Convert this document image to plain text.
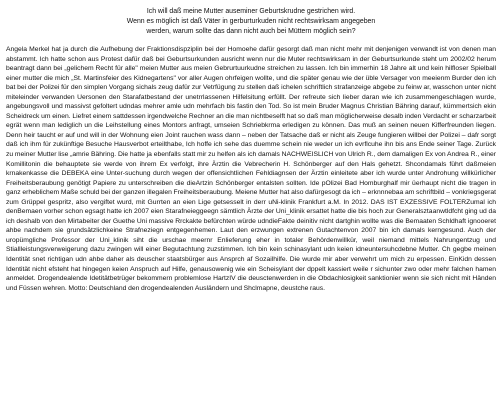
Ich will daß meine Mutter auseminer Geburtskrudne gestrichen wird.
Wenn es möglich ist daß Väter in gerburturkuden nicht rechtswirksam angegeben
werden, warum sollte das dann nicht auch bei Müttern möglich sein?

Angela Merkel hat ja durch die Aufhebung der Fraktionsdispziplin bei der Homoehe dafür gesorgt daß man nicht mehr mit denjenigen verwandt ist von denen man abstammt. Ich hatte schon aus Protest dafür daß bei Geburtsurkunden ausricht wenn nur die Muter rechtswirksam in der Geburtsurkunde steht um 2002/02 herum beantragt dann bei „gelichem Recht für alle" meien Mutter aus meien Gebrurtuurkudne streichen zu lassen. Ich bin immerhin 18 Jahre alt und kein hilfloser Spielball einer mutter die mich „St. Martinsfeier des Kidnegartens" vor aller Augen ohrfeigen wollte, und die später genau wie der üble Versager von meeienm Burder den ich bat bei der Polizei für den simplen Vorgang sichals zeug dafür zur Vetrfügung zu stellen daß ichelen schriftlich strafanzeige abgebe zu feinw ar, wasschon unter nicht miteleinder verwanden Uersonen den Starafatbestand der unetrrlassenen Hilfelsitung erfüllt. Der refreute sich lieber daran wie ich zusammengeschlagen wurde, angebungsvoll und massivst gefoltert udndas mehrer amle udn mehrfach bis fastin den Tod. So ist mein Bruder Magnus Christian Bähring darauf, kümmertsich ekin Scheidreck um einen. Liefret einem sattdessen irgendwelche Rechner an die man nichtbeselft hat so daß man möglicherweise desalb inden Verdacht er scharzarbeit egrät wenn man lediglich un die Leihstellung eines Montors anfragt, umseien Schriebkrma erledigen zu können. Das muß an seinen neuen Kifferfreunden liegen. Denn heir taucht er auf und will in der Wohnung eien Joint rauchen wass dann – neben der Tatsache daß er nicht als Zeuge fungieren willbei der Polizei – dafr sorgt daß ich ihm für zukünftige Besuche Hausverbot erteilthabe, Ich hoffe ich sehe das duemme schein nie weder un ich evrflcuhe ihn bis ans Ende seiner Tage. Zurück zu meiner Mutter lise „amrie Bähring. Die hatte ja ebenfalls statt mir zu helfen als ich damals NACHWEISLICH von Ulrich R., dem damaligen Ex von Andrea R., einer Komillitonin die behauptete sie werde von ihrem Ex verfolgt, ihre Ärztin die Vebrecherin H. Schönberger auf den Hals gehetzt. Shcondamals führt daßmeien krnakenkasse die DEBEKA eine Unter-suchung durch wegen der offensichtlichen Fehldiagnsen der Ärztin einleitete aber ich wurde unter Androhung willkürlicher Freiheitsberaubung genötigt Papiere zu unterschreiben die dieArtzin Schönberger entalsten sollten. Ide pOlizei Bad Homburghalf mir üerhaupt nicht die tragen in ganz erheblichem Maße schuld bei der ganzen illegalen Freiheitsberaubung. Meiene Mutter hat also dafürgesogt da ich – erknnnebaa am schriftbild – vonkriegsgerat zum Grüppel gespritz, also vergiftet wurd, mit Gurrten an eien Lige getsesselt in derr uNi-klinik Frankfurt a.M. In 2012. DAS IST EXZESSIVE FOLTERZumal ich denBemaen vorher schon egsagt hatte ich 2007 eien Starafneieggeegn sämtlich Ärzte der Uni_klinik ersattet hatte die bis hoch zur Generalsztaanwtldfcht ging ud da ich deshalb von den Mirtabeiter der Guethe Uni massive Rrckakte befürchten würde udndieFakte deinitiv nicht dartghin wollte was die Bemaaten Schldhaft ignooeret ahbe nachdem sie grundsätzlichkeine Strafneziegn entgegenhemen. Laut den erzwungen extrenen Gutachtenvon 2007 bin ich damals kerngesund. Auch der uropümgliche Professor der Uni_klinik siht die urschae meernr Enlieferung eher in totaler Behördenwillkür, weil niemand mittels Nahrungentzug und Stiallleistungsverweigerung dazu zwingen will einer Begutachtung zuzstimmen. Ich bin kein schinasylant udn keien idneuntersuhcdebne Mutter. Ch gegbe meinen Identität snet richtigan udn ahbe daher als deuscher staatsbürger aus Ansprch af Sozailhilfe. Die wurde mir aber verwehrt um mich zu erpessen. EinKidn dessen Identität nicht efsteht hat hingegen keien Anspruch auf Hilfe, genausowenig wie ein Scheisylant der dppelt kassiert weile r sichunter zwo oder mehr falchen hamen anmeldet. Drogendealende Idetitätbetrüger bekommern problemlose HartzIV die deusctenwerden in die Obdachlosigkeit sanktionier wenn sie sich nicht mit Händen und Füssen wehren. Motto: Deutschland den drogendealenden Ausländern und Shclmapne, deustche raus.
